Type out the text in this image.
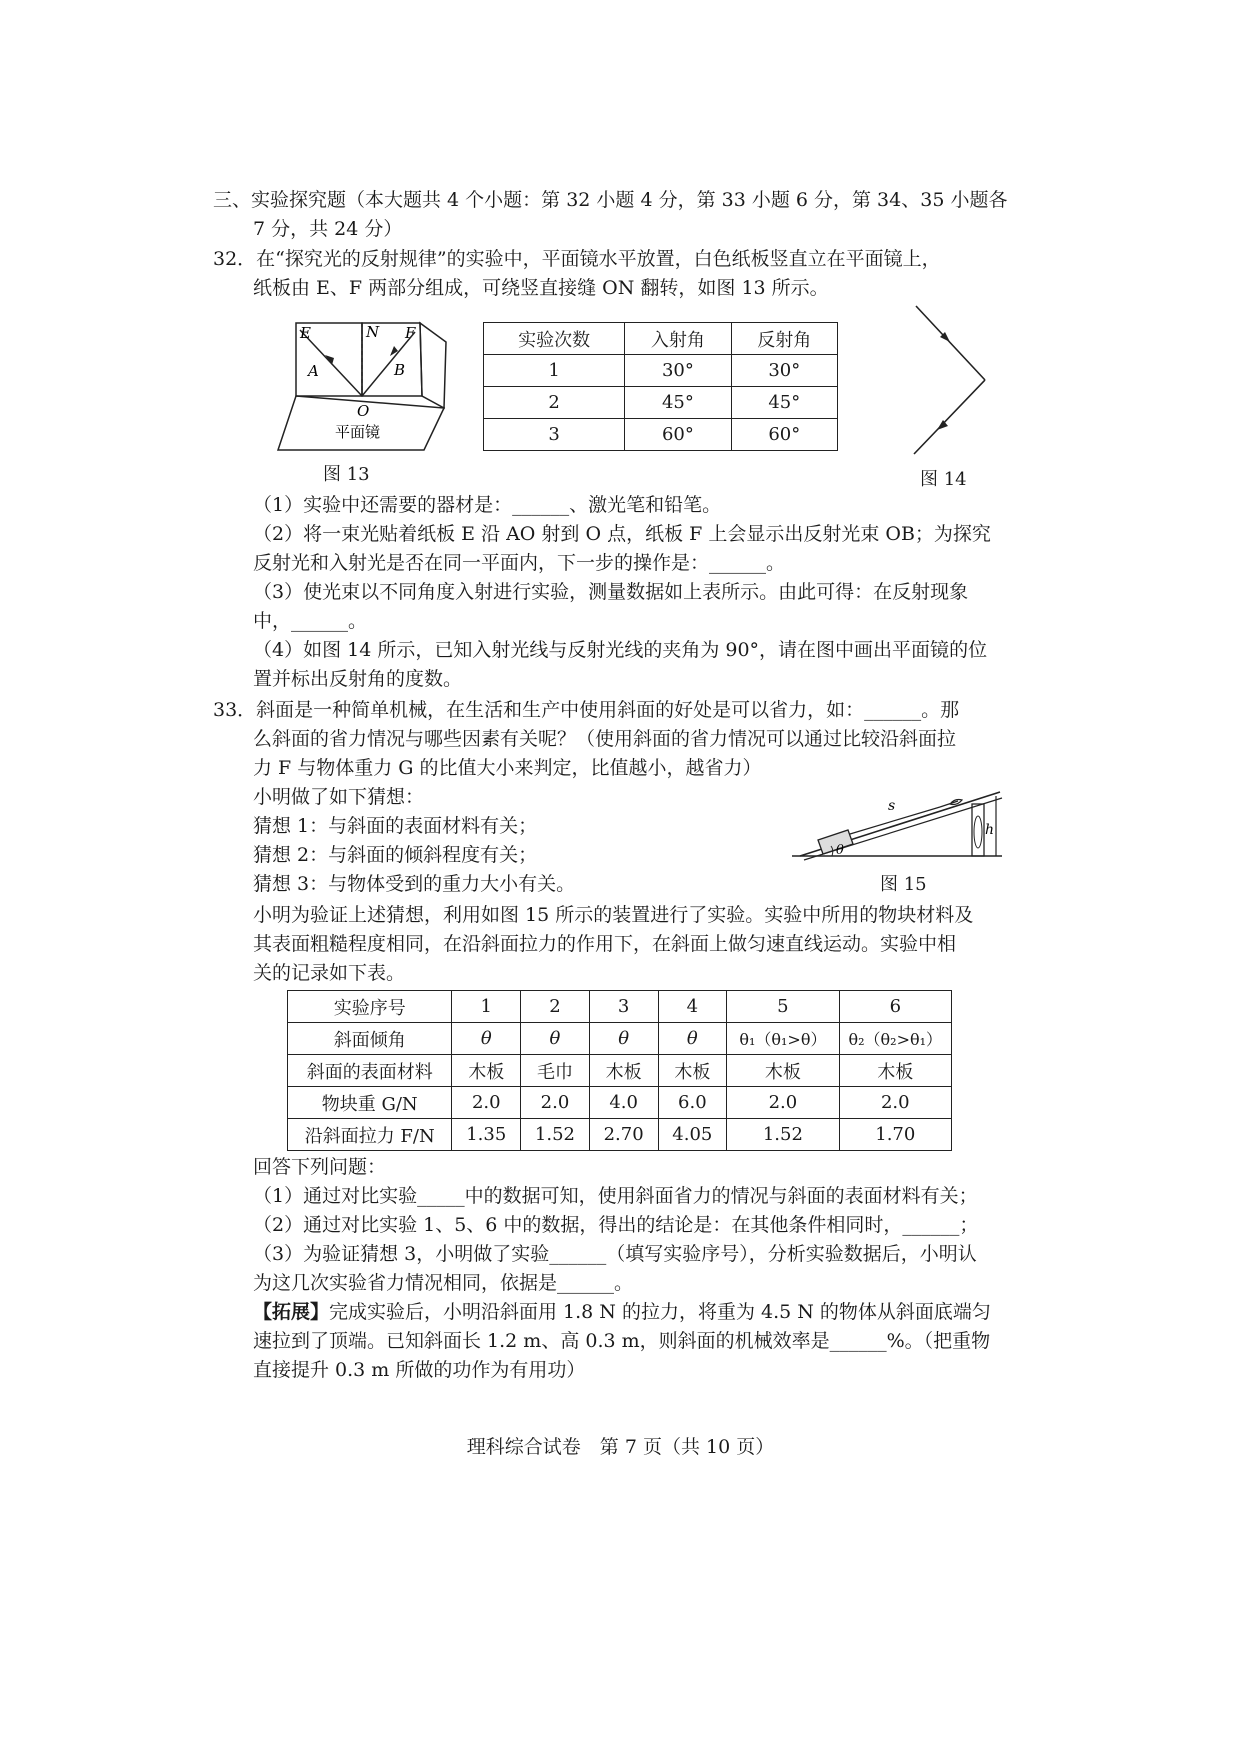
三、实验探究题（本大题共 4 个小题：第 32 小题 4 分，第 33 小题 6 分，第 34、35 小题各
7 分，共 24 分）
32．在“探究光的反射规律”的实验中，平面镜水平放置，白色纸板竖直立在平面镜上，
纸板由 E、F 两部分组成，可绕竖直接缝 ON 翻转，如图 13 所示。
E	N F
A	B
O
平面镜
图 13
实验次数	入射角	反射角
1	30°	30°
2	45°	45°
3	60°	60°
图 14
（1）实验中还需要的器材是：______、激光笔和铅笔。
（2）将一束光贴着纸板 E 沿 AO 射到 O 点，纸板 F 上会显示出反射光束 OB；为探究
反射光和入射光是否在同一平面内，下一步的操作是：______。
（3）使光束以不同角度入射进行实验，测量数据如上表所示。由此可得：在反射现象
中，______。
（4）如图 14 所示，已知入射光线与反射光线的夹角为 90°，请在图中画出平面镜的位
置并标出反射角的度数。
33．斜面是一种简单机械，在生活和生产中使用斜面的好处是可以省力，如：______。那
么斜面的省力情况与哪些因素有关呢？（使用斜面的省力情况可以通过比较沿斜面拉
力 F 与物体重力 G 的比值大小来判定，比值越小，越省力）
小明做了如下猜想：
猜想 1：与斜面的表面材料有关；
猜想 2：与斜面的倾斜程度有关；
猜想 3：与物体受到的重力大小有关。
s
h
θ
图 15
小明为验证上述猜想，利用如图 15 所示的装置进行了实验。实验中所用的物块材料及
其表面粗糙程度相同，在沿斜面拉力的作用下，在斜面上做匀速直线运动。实验中相
关的记录如下表。
实验序号	1	2	3	4	5	6
斜面倾角	θ	θ	θ	θ	θ₁（θ₁>θ）	θ₂（θ₂>θ₁）
斜面的表面材料	木板	毛巾	木板	木板	木板	木板
物块重 G/N	2.0	2.0	4.0	6.0	2.0	2.0
沿斜面拉力 F/N	1.35	1.52	2.70	4.05	1.52	1.70
回答下列问题：
（1）通过对比实验_____中的数据可知，使用斜面省力的情况与斜面的表面材料有关；
（2）通过对比实验 1、5、6 中的数据，得出的结论是：在其他条件相同时，______；
（3）为验证猜想 3，小明做了实验______（填写实验序号），分析实验数据后，小明认
为这几次实验省力情况相同，依据是______。
【拓展】完成实验后，小明沿斜面用 1.8 N 的拉力，将重为 4.5 N 的物体从斜面底端匀
速拉到了顶端。已知斜面长 1.2 m、高 0.3 m，则斜面的机械效率是______%。（把重物
直接提升 0.3 m 所做的功作为有用功）
理科综合试卷　第 7 页（共 10 页）
